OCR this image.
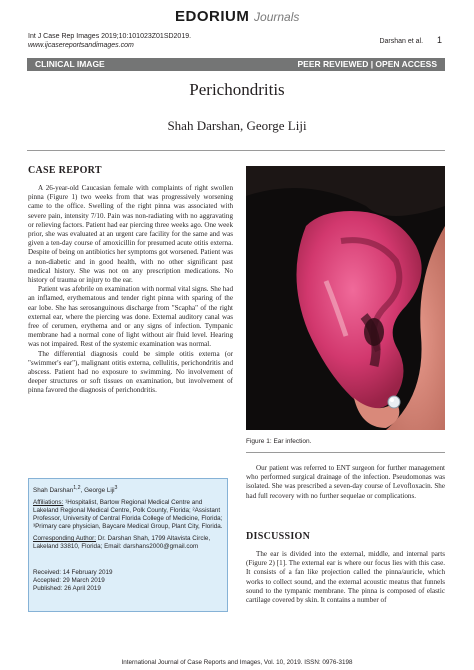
EDORIUM Journals
Int J Case Rep Images 2019;10:101023Z01SD2019.
www.ijcasereportsandimages.com
Darshan et al. 1
CLINICAL IMAGE	PEER REVIEWED | OPEN ACCESS
Perichondritis
Shah Darshan, George Liji
CASE REPORT

A 26-year-old Caucasian female with complaints of right swollen pinna (Figure 1) two weeks from that was progressively worsening came to the office. Swelling of the right pinna was associated with severe pain, intensity 7/10. Pain was non-radiating with no aggravating or relieving factors. Patient had ear piercing three weeks ago. One week prior, she was evaluated at an urgent care facility for the same and was given a ten-day course of amoxicillin for presumed acute otitis externa. Despite of being on antibiotics her symptoms got worsened. Patient was a non-diabetic and in good health, with no other significant past medical history. She was not on any prescription medications. No history of trauma or injury to the ear.

Patient was afebrile on examination with normal vital signs. She had an inflamed, erythematous and tender right pinna with sparing of the ear lobe. She has serosanguinous discharge from "Scapha" of the right external ear, where the piercing was done. External auditory canal was free of cerumen, erythema and or any signs of infection. Tympanic membrane had a normal cone of light without air fluid level. Hearing was not impaired. Rest of the systemic examination was normal.

The differential diagnosis could be simple otitis externa (or "swimmer's ear"), malignant otitis externa, cellulitis, perichondritis and abscess. Patient had no exposure to swimming. No involvement of deeper structures or soft tissues on examination, but involvement of pinna favored the diagnosis of perichondritis.

Figure 1: Ear infection.

Our patient was referred to ENT surgeon for further management who performed surgical drainage of the infection. Pseudomonas was isolated. She was prescribed a seven-day course of Levofloxacin. She had full recovery with no further sequelae or complications.

DISCUSSION

The ear is divided into the external, middle, and internal parts (Figure 2) [1]. The external ear is where our focus lies with this case. It consists of a fan like projection called the pinna/auricle, which works to collect sound, and the external acoustic meatus that funnels sound to the tympanic membrane. The pinna is composed of elastic cartilage covered by skin. It contains a number of

Shah Darshan$^{1,2}$, George Liji$^3$

Affiliations: ¹Hospitalist, Bartow Regional Medical Centre and Lakeland Regional Medical Centre, Polk County, Florida; ²Assistant Professor, University of Central Florida College of Medicine, Florida; ³Primary care physician, Baycare Medical Group, Plant City, Florida.

Corresponding Author: Dr. Darshan Shah, 1799 Altavista Circle, Lakeland 33810, Florida; Email: darshans2000@gmail.com

Received: 14 February 2019

Accepted: 29 March 2019

Published: 26 April 2019

International Journal of Case Reports and Images, Vol. 10, 2019. ISSN: 0976-3198
